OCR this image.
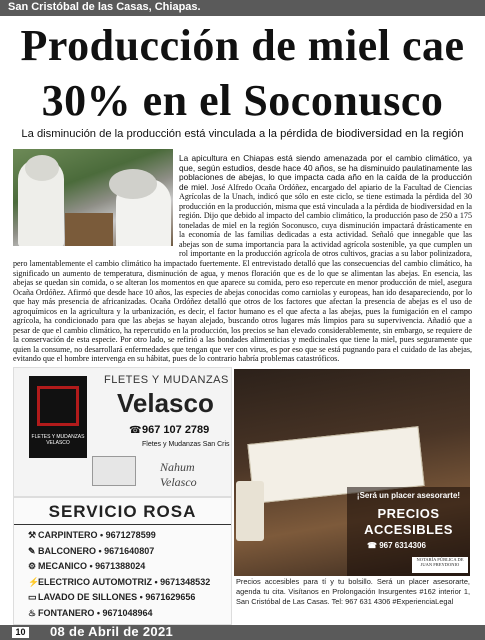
San Cristóbal de las Casas, Chiapas.
Producción de miel cae
30% en el Soconusco
La disminución de la producción está vinculada a la pérdida de biodiversidad en la región
La apicultura en Chiapas está siendo amenazada por el cambio climático, ya que, según estudios, desde hace 40 años, se ha disminuido paulatinamente las poblaciones de abejas, lo que impacta cada año en la caída de la producción de miel. José Alfredo Ocaña Ordóñez, encargado del apiario de la Facultad de Ciencias Agrícolas de la Unach, indicó que sólo en este ciclo, se tiene estimada la pérdida del 30 producción en la producción, misma que está vinculada a la pérdida de biodiversidad en la región. Dijo que debido al impacto del cambio climático, la producción paso de 250 a 175 toneladas de miel en la región Soconusco, cuya disminución impactará drásticamente en la economía de las familias dedicadas a esta actividad. Señaló que innegable que las abejas son de suma importancia para la actividad agrícola sostenible, ya que cumplen un rol importante en la producción agrícola de otros cultivos, gracias a su labor polinizadora, pero lamentablemente el cambio climático ha impactado fuertemente. El entrevistado detalló que las consecuencias del cambio climático, ha significado un aumento de temperatura, disminución de agua, y menos floración que es de lo que se alimentan las abejas. En esencia, las abejas se quedan sin comida, o se alteran los momentos en que aparece su comida, pero eso repercute en menor producción de miel, asegura Ocaña Ordóñez. Afirmó que desde hace 10 años, las especies de abejas conocidas como carniolas y europeas, han ido desapareciendo, por lo que hay más presencia de africanizadas. Ocaña Ordóñez detalló que otros de los factores que afectan la presencia de abejas es el uso de agroquímicos en la agricultura y la urbanización, es decir, el factor humano es el que afecta a las abejas, pues la fumigación en el campo agrícola, ha condicionado para que las abejas se hayan alejado, buscando otros lugares más limpios para su supervivencia. Añadió que a pesar de que el cambio climático, ha repercutido en la producción, los precios se han elevado considerablemente, sin embargo, se requiere de la conservación de esta especie. Por otro lado, se refirió a las bondades alimenticias y medicinales que tiene la miel, pues seguramente que quien la consume, no desarrollará enfermedades que tengan que ver con virus, es por eso que se está pugnando para el cuidado de las abejas, evitando que el hombre intervenga en su hábitat, pues de lo contrario habría problemas catastróficos.
FLETES Y MUDANZAS VELASCO
FLETES Y MUDANZAS
Velasco
☎ 967 107 2789
Fletes y Mudanzas San Cris
Nahum Velasco
SERVICIO ROSA
⚒ CARPINTERO • 9671278599
✎ BALCONERO • 9671640807
⚙ MECANICO • 9671388024
⚡ELECTRICO AUTOMOTRIZ • 9671348532
▭LAVADO DE SILLONES • 9671629656
♨ FONTANERO • 9671048964
¡Será un placer asesorarte!
PRECIOS
ACCESIBLES
☎ 967 6314306
NOTARÍA PÚBLICA DE JUAN FREYDONIO
Precios accesibles para tí y tu bolsillo. Será un placer asesorarte, agenda tu cita. Visítanos en Prolongación Insurgentes #162 interior 1, San Cristóbal de Las Casas. Tel: 967 631 4306 #ExperienciaLegal
10 08 de Abril de 2021
